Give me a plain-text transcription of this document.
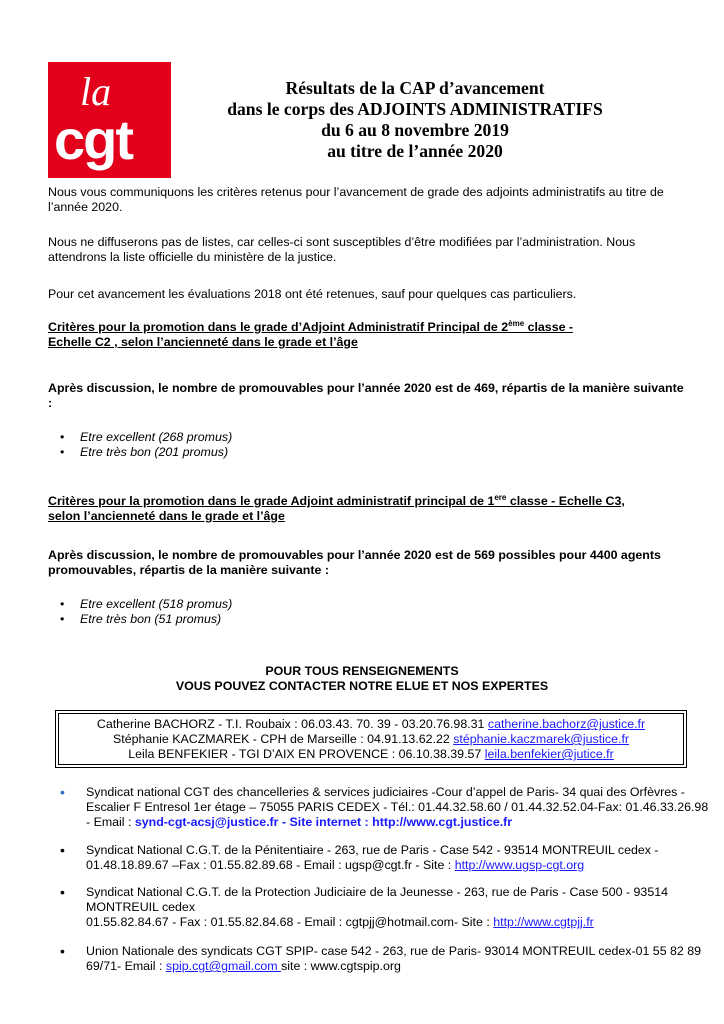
la
cgt
Résultats de la CAP d’avancement
dans le corps des ADJOINTS ADMINISTRATIFS
du 6 au 8 novembre 2019
au titre de l’année 2020
Nous vous communiquons les critères retenus pour l’avancement de grade des adjoints administratifs au titre de l’année 2020.
Nous ne diffuserons pas de listes, car celles-ci sont susceptibles d’être modifiées par l’administration. Nous attendrons la liste officielle du ministère de la justice.
Pour cet avancement les évaluations 2018 ont été retenues, sauf pour quelques cas particuliers.
Critères pour la promotion dans le grade d’Adjoint Administratif Principal de 2ème classe -
Echelle C2 , selon l’ancienneté dans le grade et l’âge
Après discussion, le nombre de promouvables pour l’année 2020 est de 469, répartis de la manière suivante :
• Etre excellent (268 promus)
• Etre très bon (201 promus)
Critères pour la promotion dans le grade Adjoint administratif principal de 1ere classe - Echelle C3,
selon l’ancienneté dans le grade et l’âge
Après discussion, le nombre de promouvables pour l’année 2020 est de 569 possibles pour 4400 agents promouvables, répartis de la manière suivante :
• Etre excellent (518 promus)
• Etre très bon (51 promus)
POUR TOUS RENSEIGNEMENTS
VOUS POUVEZ CONTACTER NOTRE ELUE ET NOS EXPERTES
Catherine BACHORZ - T.I. Roubaix : 06.03.43. 70. 39 - 03.20.76.98.31 catherine.bachorz@justice.fr
Stéphanie KACZMAREK - CPH de Marseille : 04.91.13.62.22 stéphanie.kaczmarek@justice.fr
Leila BENFEKIER - TGI D’AIX EN PROVENCE : 06.10.38.39.57 leila.benfekier@jutice.fr
• Syndicat national CGT des chancelleries & services judiciaires -Cour d’appel de Paris- 34 quai des Orfèvres - Escalier F Entresol 1er étage – 75055 PARIS CEDEX - Tél.: 01.44.32.58.60 / 01.44.32.52.04-Fax: 01.46.33.26.98 - Email : synd-cgt-acsj@justice.fr - Site internet : http://www.cgt.justice.fr
• Syndicat National C.G.T. de la Pénitentiaire - 263, rue de Paris - Case 542 - 93514 MONTREUIL cedex - 01.48.18.89.67 –Fax : 01.55.82.89.68 - Email : ugsp@cgt.fr - Site : http://www.ugsp-cgt.org
• Syndicat National C.G.T. de la Protection Judiciaire de la Jeunesse - 263, rue de Paris - Case 500 - 93514 MONTREUIL cedex
01.55.82.84.67 - Fax : 01.55.82.84.68 - Email : cgtpjj@hotmail.com- Site : http://www.cgtpjj.fr
• Union Nationale des syndicats CGT SPIP- case 542 - 263, rue de Paris- 93014 MONTREUIL cedex-01 55 82 89 69/71- Email : spip.cgt@gmail.com site : www.cgtspip.org
